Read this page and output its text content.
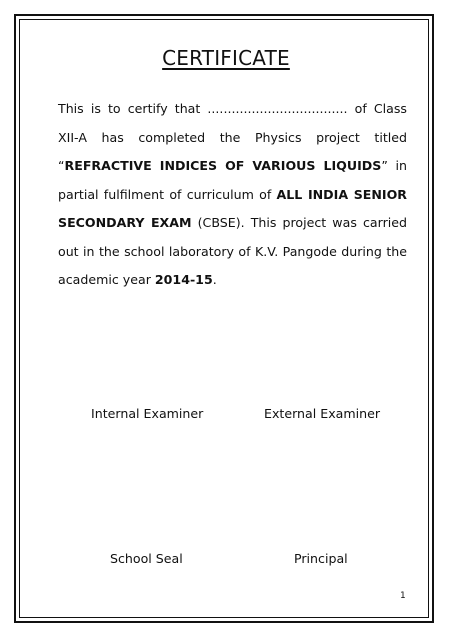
CERTIFICATE

This is to certify that ................................... of Class XII-A has completed the Physics project titled “REFRACTIVE INDICES OF VARIOUS LIQUIDS” in partial fulfilment of curriculum of ALL INDIA SENIOR SECONDARY EXAM (CBSE). This project was carried out in the school laboratory of K.V. Pangode during the academic year 2014-15.

Internal Examiner	External Examiner
School Seal	Principal
1
